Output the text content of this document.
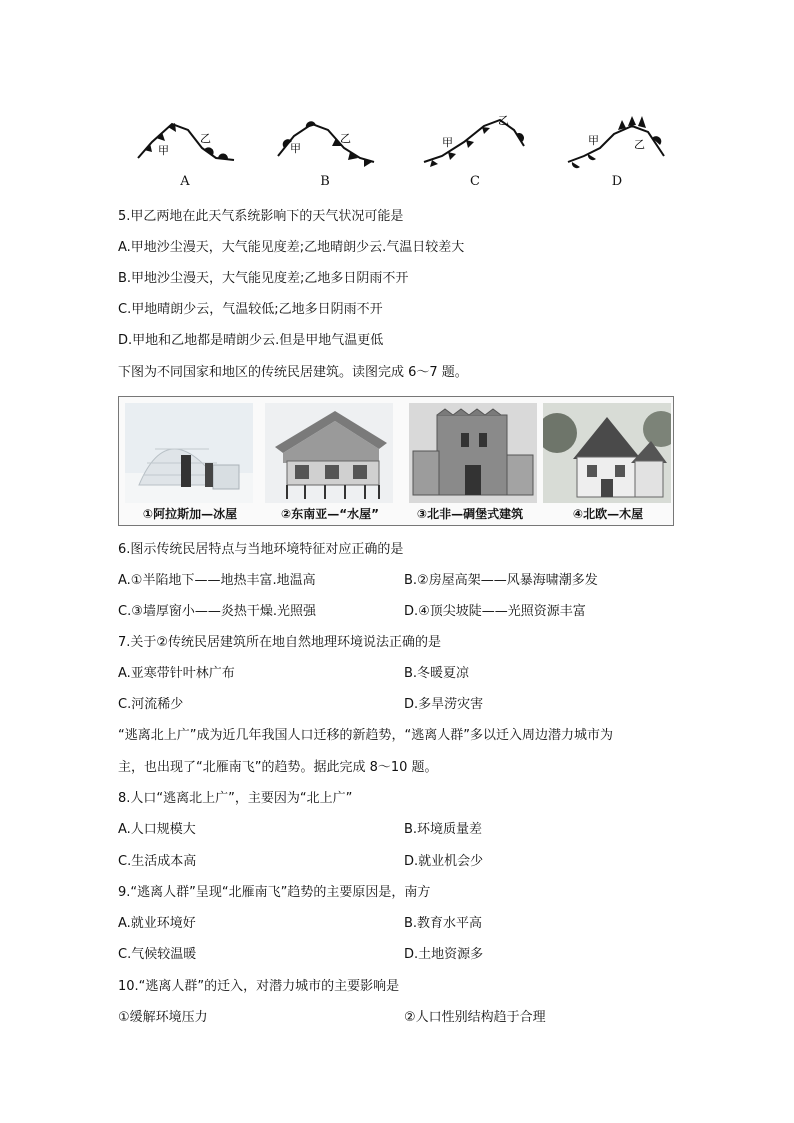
甲
乙
A
甲
乙
B
甲
乙
C
甲	乙
D
5.甲乙两地在此天气系统影响下的天气状况可能是
A.甲地沙尘漫天，大气能见度差;乙地晴朗少云.气温日较差大
B.甲地沙尘漫天，大气能见度差;乙地多日阴雨不开
C.甲地晴朗少云，气温较低;乙地多日阴雨不开
D.甲地和乙地都是晴朗少云.但是甲地气温更低
下图为不同国家和地区的传统民居建筑。读图完成 6～7 题。
①阿拉斯加—冰屋	②东南亚—“水屋”	③北非—碉堡式建筑	④北欧—木屋
6.图示传统民居特点与当地环境特征对应正确的是
A.①半陷地下——地热丰富.地温高	B.②房屋高架——风暴海啸潮多发
C.③墙厚窗小——炎热干燥.光照强	D.④顶尖坡陡——光照资源丰富
7.关于②传统民居建筑所在地自然地理环境说法正确的是
A.亚寒带针叶林广布	B.冬暖夏凉
C.河流稀少	D.多旱涝灾害
“逃离北上广”成为近几年我国人口迁移的新趋势，“逃离人群”多以迁入周边潜力城市为
主，也出现了“北雁南飞”的趋势。据此完成 8～10 题。
8.人口“逃离北上广”，主要因为“北上广”
A.人口规模大	B.环境质量差
C.生活成本高	D.就业机会少
9.“逃离人群”呈现“北雁南飞”趋势的主要原因是，南方
A.就业环境好	B.教育水平高
C.气候较温暖	D.土地资源多
10.“逃离人群”的迁入，对潜力城市的主要影响是
①缓解环境压力	②人口性别结构趋于合理
